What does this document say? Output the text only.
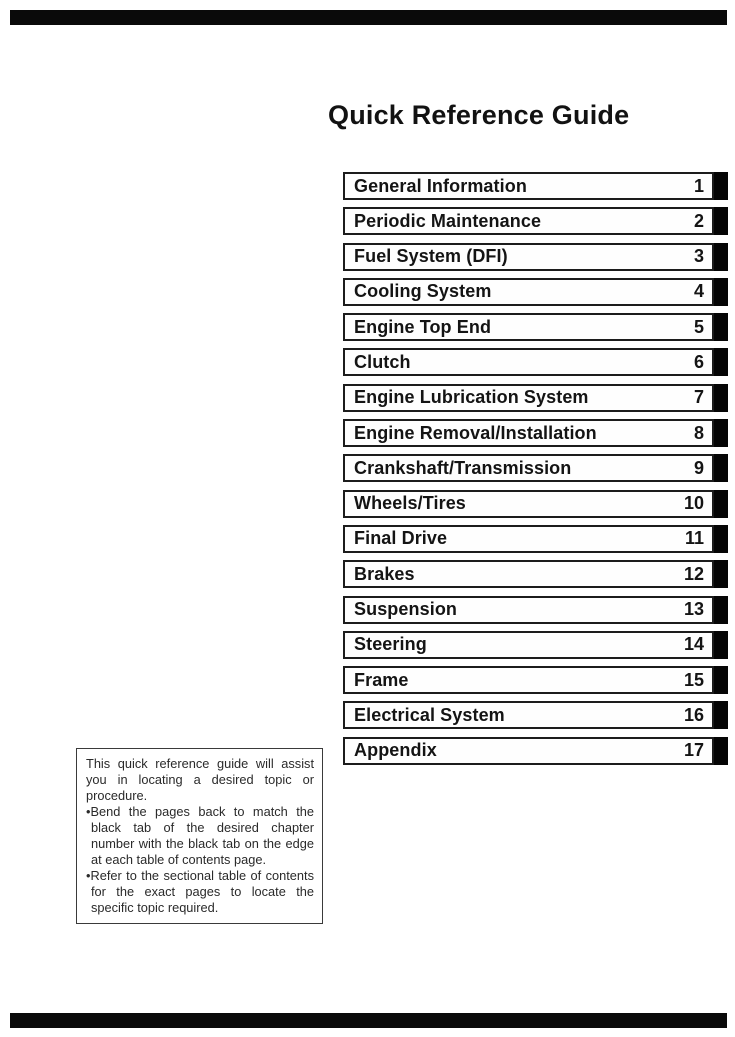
Quick Reference Guide
General Information	1
Periodic Maintenance	2
Fuel System (DFI)	3
Cooling System	4
Engine Top End	5
Clutch	6
Engine Lubrication System	7
Engine Removal/Installation	8
Crankshaft/Transmission	9
Wheels/Tires	10
Final Drive	11
Brakes	12
Suspension	13
Steering	14
Frame	15
Electrical System	16
Appendix	17

This quick reference guide will assist you in locating a desired topic or procedure.

•Bend the pages back to match the black tab of the desired chapter number with the black tab on the edge at each table of contents page.

•Refer to the sectional table of contents for the exact pages to locate the specific topic required.
